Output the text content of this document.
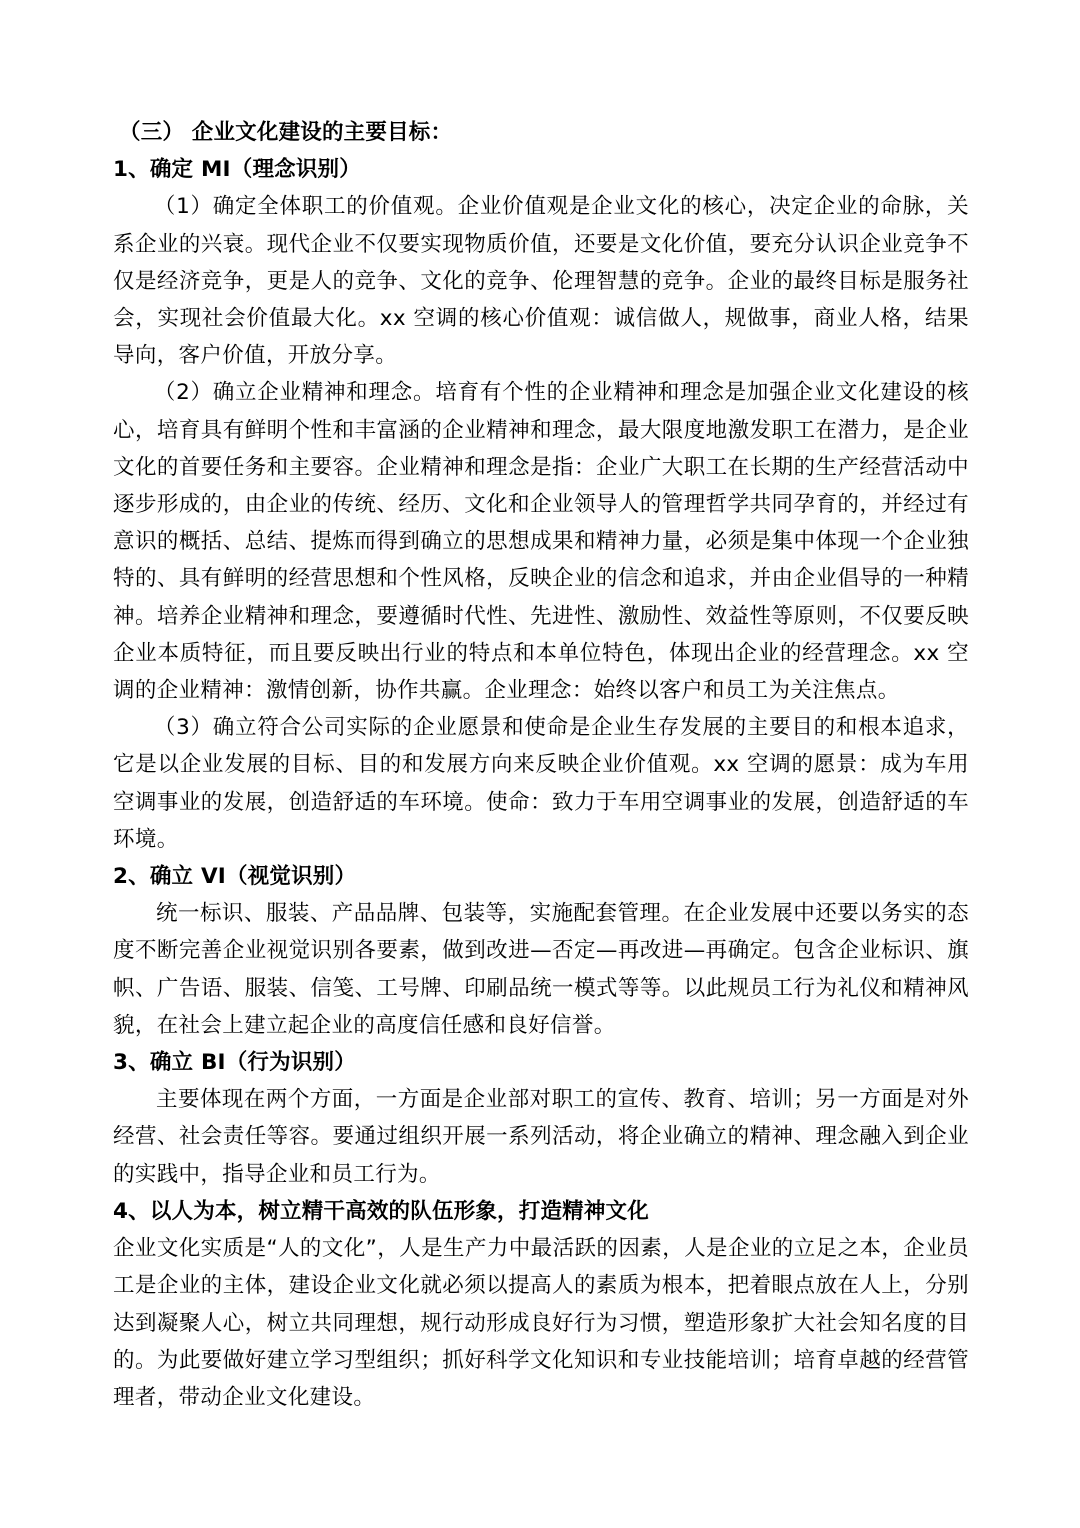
（三） 企业文化建设的主要目标：

1、确定 MI（理念识别）

（1）确定全体职工的价值观。企业价值观是企业文化的核心，决定企业的命脉，关系企业的兴衰。现代企业不仅要实现物质价值，还要是文化价值，要充分认识企业竞争不仅是经济竞争，更是人的竞争、文化的竞争、伦理智慧的竞争。企业的最终目标是服务社会，实现社会价值最大化。xx 空调的核心价值观：诚信做人，规做事，商业人格，结果导向，客户价值，开放分享。

（2）确立企业精神和理念。培育有个性的企业精神和理念是加强企业文化建设的核心，培育具有鲜明个性和丰富涵的企业精神和理念，最大限度地激发职工在潜力，是企业文化的首要任务和主要容。企业精神和理念是指：企业广大职工在长期的生产经营活动中逐步形成的，由企业的传统、经历、文化和企业领导人的管理哲学共同孕育的，并经过有意识的概括、总结、提炼而得到确立的思想成果和精神力量，必须是集中体现一个企业独特的、具有鲜明的经营思想和个性风格，反映企业的信念和追求，并由企业倡导的一种精神。培养企业精神和理念，要遵循时代性、先进性、激励性、效益性等原则，不仅要反映企业本质特征，而且要反映出行业的特点和本单位特色，体现出企业的经营理念。xx 空调的企业精神：激情创新，协作共赢。企业理念：始终以客户和员工为关注焦点。

（3）确立符合公司实际的企业愿景和使命是企业生存发展的主要目的和根本追求，它是以企业发展的目标、目的和发展方向来反映企业价值观。xx 空调的愿景：成为车用空调事业的发展，创造舒适的车环境。使命：致力于车用空调事业的发展，创造舒适的车环境。

2、确立 VI（视觉识别）

统一标识、服装、产品品牌、包装等，实施配套管理。在企业发展中还要以务实的态度不断完善企业视觉识别各要素，做到改进—否定—再改进—再确定。包含企业标识、旗帜、广告语、服装、信笺、工号牌、印刷品统一模式等等。以此规员工行为礼仪和精神风貌，在社会上建立起企业的高度信任感和良好信誉。

3、确立 BI（行为识别）

主要体现在两个方面，一方面是企业部对职工的宣传、教育、培训；另一方面是对外经营、社会责任等容。要通过组织开展一系列活动，将企业确立的精神、理念融入到企业的实践中，指导企业和员工行为。

4、以人为本，树立精干高效的队伍形象，打造精神文化

企业文化实质是“人的文化”，人是生产力中最活跃的因素，人是企业的立足之本，企业员工是企业的主体，建设企业文化就必须以提高人的素质为根本，把着眼点放在人上，分别达到凝聚人心，树立共同理想，规行动形成良好行为习惯，塑造形象扩大社会知名度的目的。为此要做好建立学习型组织；抓好科学文化知识和专业技能培训；培育卓越的经营管理者，带动企业文化建设。
